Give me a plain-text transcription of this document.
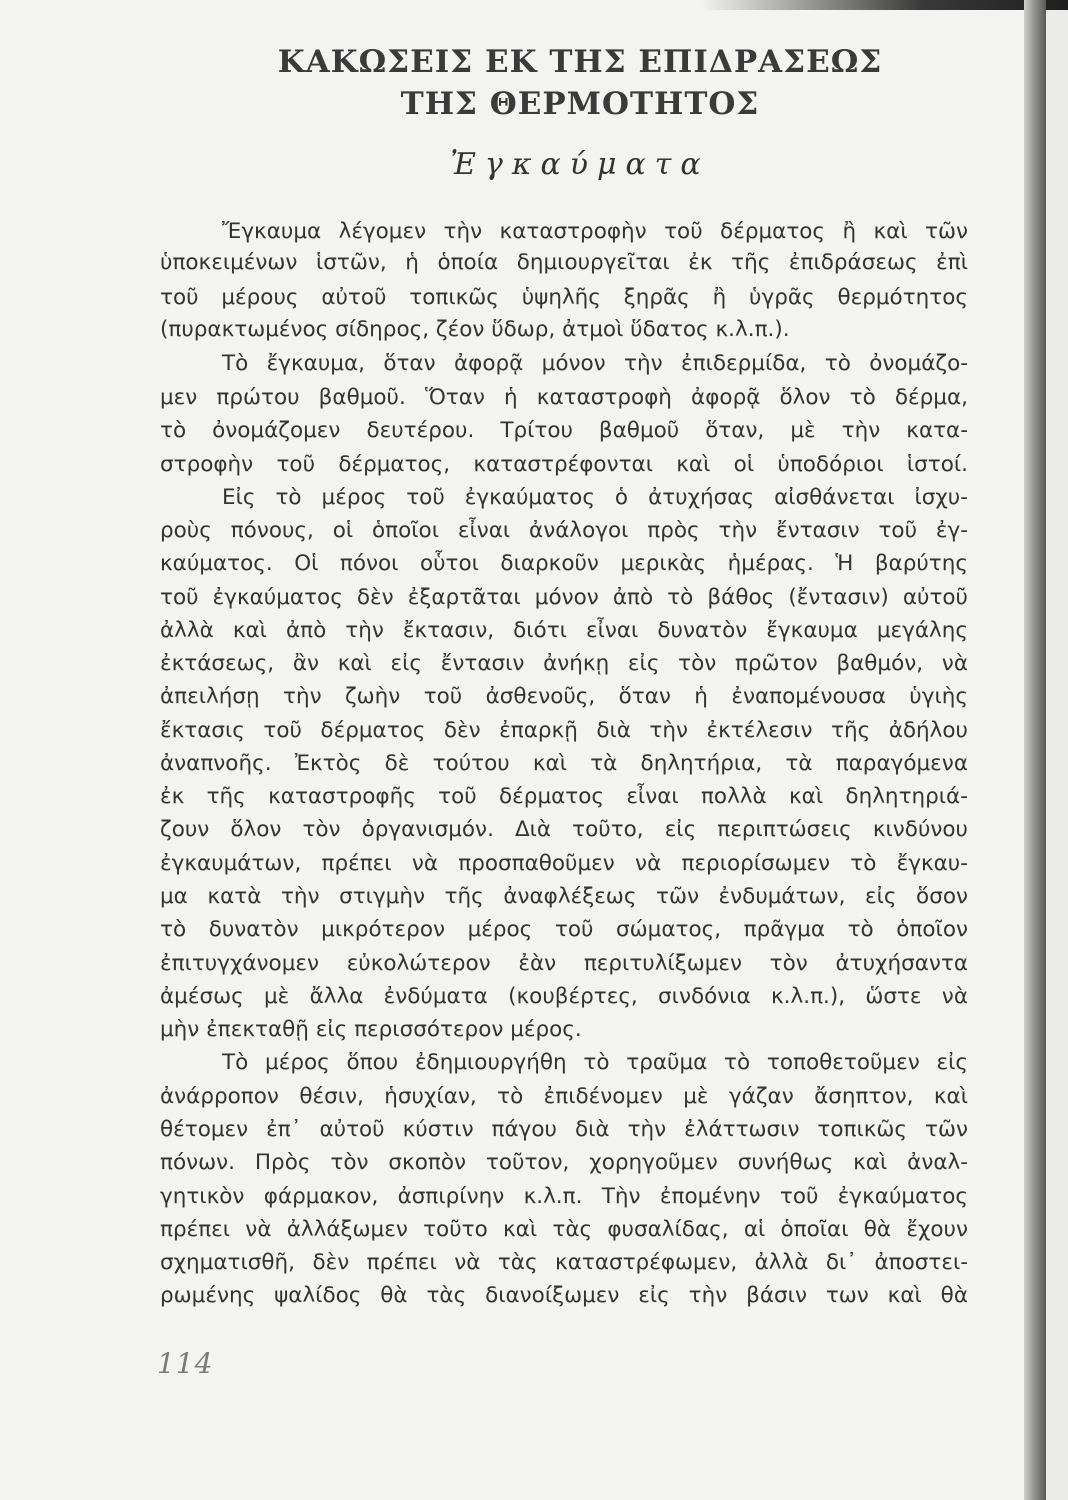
ΚΑΚΩΣΕΙΣ ΕΚ ΤΗΣ ΕΠΙΔΡΑΣΕΩΣ
ΤΗΣ ΘΕΡΜΟΤΗΤΟΣ
Ἐγκαύματα
Ἔγκαυμα λέγομεν τὴν καταστροφὴν τοῦ δέρματος ἢ καὶ τῶν
ὑποκειμένων ἱστῶν, ἡ ὁποία δημιουργεῖται ἐκ τῆς ἐπιδράσεως ἐπὶ
τοῦ μέρους αὐτοῦ τοπικῶς ὑψηλῆς ξηρᾶς ἢ ὑγρᾶς θερμότητος
(πυρακτωμένος σίδηρος, ζέον ὕδωρ, ἀτμοὶ ὕδατος κ.λ.π.).
Τὸ ἔγκαυμα, ὅταν ἀφορᾷ μόνον τὴν ἐπιδερμίδα, τὸ ὀνομάζο-
μεν πρώτου βαθμοῦ. Ὅταν ἡ καταστροφὴ ἀφορᾷ ὅλον τὸ δέρμα,
τὸ ὀνομάζομεν δευτέρου. Τρίτου βαθμοῦ ὅταν, μὲ τὴν κατα-
στροφὴν τοῦ δέρματος, καταστρέφονται καὶ οἱ ὑποδόριοι ἱστοί.
Εἰς τὸ μέρος τοῦ ἐγκαύματος ὁ ἀτυχήσας αἰσθάνεται ἰσχυ-
ροὺς πόνους, οἱ ὁποῖοι εἶναι ἀνάλογοι πρὸς τὴν ἔντασιν τοῦ ἐγ-
καύματος. Οἱ πόνοι οὗτοι διαρκοῦν μερικὰς ἡμέρας. Ἡ βαρύτης
τοῦ ἐγκαύματος δὲν ἐξαρτᾶται μόνον ἀπὸ τὸ βάθος (ἔντασιν) αὐτοῦ
ἀλλὰ καὶ ἀπὸ τὴν ἔκτασιν, διότι εἶναι δυνατὸν ἔγκαυμα μεγάλης
ἐκτάσεως, ἂν καὶ εἰς ἔντασιν ἀνήκῃ εἰς τὸν πρῶτον βαθμόν, νὰ
ἀπειλήσῃ τὴν ζωὴν τοῦ ἀσθενοῦς, ὅταν ἡ ἐναπομένουσα ὑγιὴς
ἔκτασις τοῦ δέρματος δὲν ἐπαρκῇ διὰ τὴν ἐκτέλεσιν τῆς ἀδήλου
ἀναπνοῆς. Ἐκτὸς δὲ τούτου καὶ τὰ δηλητήρια, τὰ παραγόμενα
ἐκ τῆς καταστροφῆς τοῦ δέρματος εἶναι πολλὰ καὶ δηλητηριά-
ζουν ὅλον τὸν ὀργανισμόν. Διὰ τοῦτο, εἰς περιπτώσεις κινδύνου
ἐγκαυμάτων, πρέπει νὰ προσπαθοῦμεν νὰ περιορίσωμεν τὸ ἔγκαυ-
μα κατὰ τὴν στιγμὴν τῆς ἀναφλέξεως τῶν ἐνδυμάτων, εἰς ὅσον
τὸ δυνατὸν μικρότερον μέρος τοῦ σώματος, πρᾶγμα τὸ ὁποῖον
ἐπιτυγχάνομεν εὐκολώτερον ἐὰν περιτυλίξωμεν τὸν ἀτυχήσαντα
ἀμέσως μὲ ἄλλα ἐνδύματα (κουβέρτες, σινδόνια κ.λ.π.), ὥστε νὰ
μὴν ἐπεκταθῇ εἰς περισσότερον μέρος.
Τὸ μέρος ὅπου ἐδημιουργήθη τὸ τραῦμα τὸ τοποθετοῦμεν εἰς
ἀνάρροπον θέσιν, ἡσυχίαν, τὸ ἐπιδένομεν μὲ γάζαν ἄσηπτον, καὶ
θέτομεν ἐπ᾽ αὐτοῦ κύστιν πάγου διὰ τὴν ἐλάττωσιν τοπικῶς τῶν
πόνων. Πρὸς τὸν σκοπὸν τοῦτον, χορηγοῦμεν συνήθως καὶ ἀναλ-
γητικὸν φάρμακον, ἀσπιρίνην κ.λ.π. Τὴν ἐπομένην τοῦ ἐγκαύματος
πρέπει νὰ ἀλλάξωμεν τοῦτο καὶ τὰς φυσαλίδας, αἱ ὁποῖαι θὰ ἔχουν
σχηματισθῆ, δὲν πρέπει νὰ τὰς καταστρέφωμεν, ἀλλὰ δι᾽ ἀποστει-
ρωμένης ψαλίδος θὰ τὰς διανοίξωμεν εἰς τὴν βάσιν των καὶ θὰ
114
